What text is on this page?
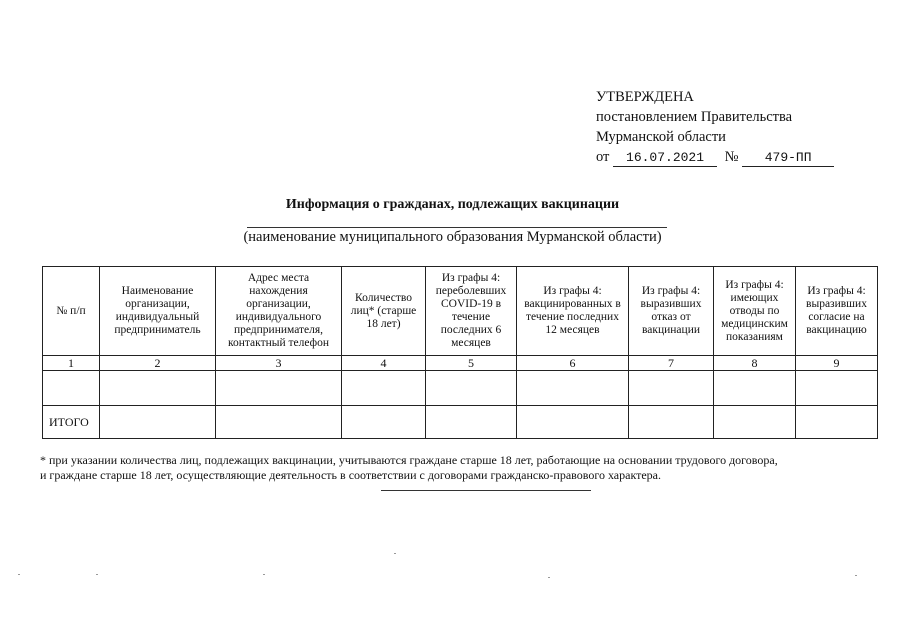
УТВЕРЖДЕНА
постановлением Правительства
Мурманской области
от 16.07.2021 № 479-ПП
Информация о гражданах, подлежащих вакцинации
(наименование муниципального образования Мурманской области)
№ п/п	Наименование организации, индивидуальный предприниматель	Адрес места нахождения организации, индивидуального предпринимателя, контактный телефон	Количество лиц* (старше 18 лет)	Из графы 4: переболевших COVID-19 в течение последних 6 месяцев	Из графы 4: вакцинированных в течение последних 12 месяцев	Из графы 4: выразивших отказ от вакцинации	Из графы 4: имеющих отводы по медицинским показаниям	Из графы 4: выразивших согласие на вакцинацию
1	2	3	4	5	6	7	8	9

ИТОГО								
* при указании количества лиц, подлежащих вакцинации, учитываются граждане старше 18 лет, работающие на основании трудового договора,
и граждане старше 18 лет, осуществляющие деятельность в соответствии с договорами гражданско-правового характера.
